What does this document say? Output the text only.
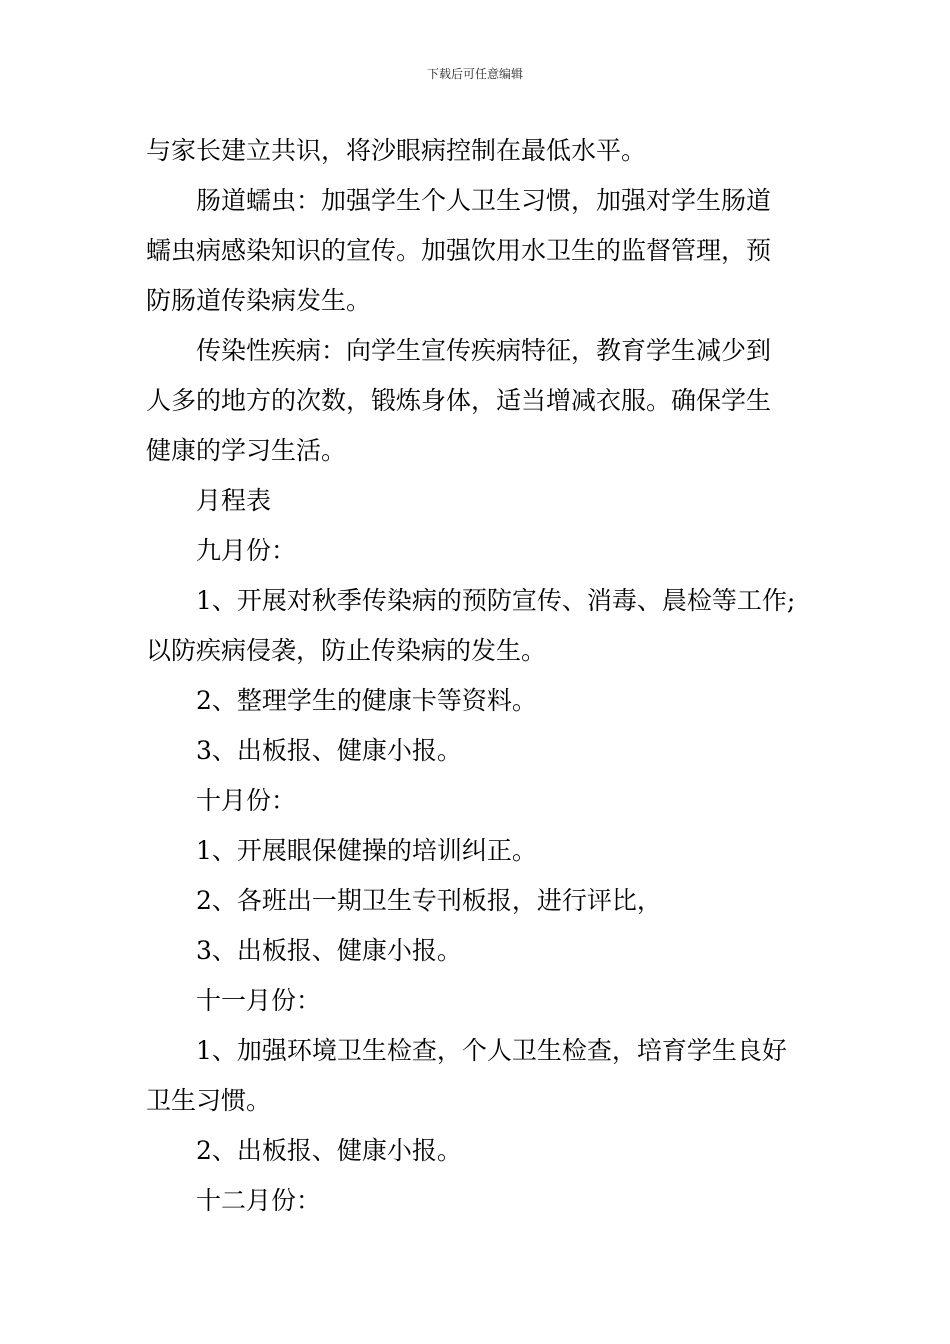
下载后可任意编辑
与家长建立共识，将沙眼病控制在最低水平。
肠道蠕虫：加强学生个人卫生习惯，加强对学生肠道
蠕虫病感染知识的宣传。加强饮用水卫生的监督管理，预
防肠道传染病发生。
传染性疾病：向学生宣传疾病特征，教育学生减少到
人多的地方的次数，锻炼身体，适当增减衣服。确保学生
健康的学习生活。
月程表
九月份：
1、开展对秋季传染病的预防宣传、消毒、晨检等工作;
以防疾病侵袭，防止传染病的发生。
2、整理学生的健康卡等资料。
3、出板报、健康小报。
十月份：
1、开展眼保健操的培训纠正。
2、各班出一期卫生专刊板报，进行评比，
3、出板报、健康小报。
十一月份：
1、加强环境卫生检查，个人卫生检查，培育学生良好
卫生习惯。
2、出板报、健康小报。
十二月份：
